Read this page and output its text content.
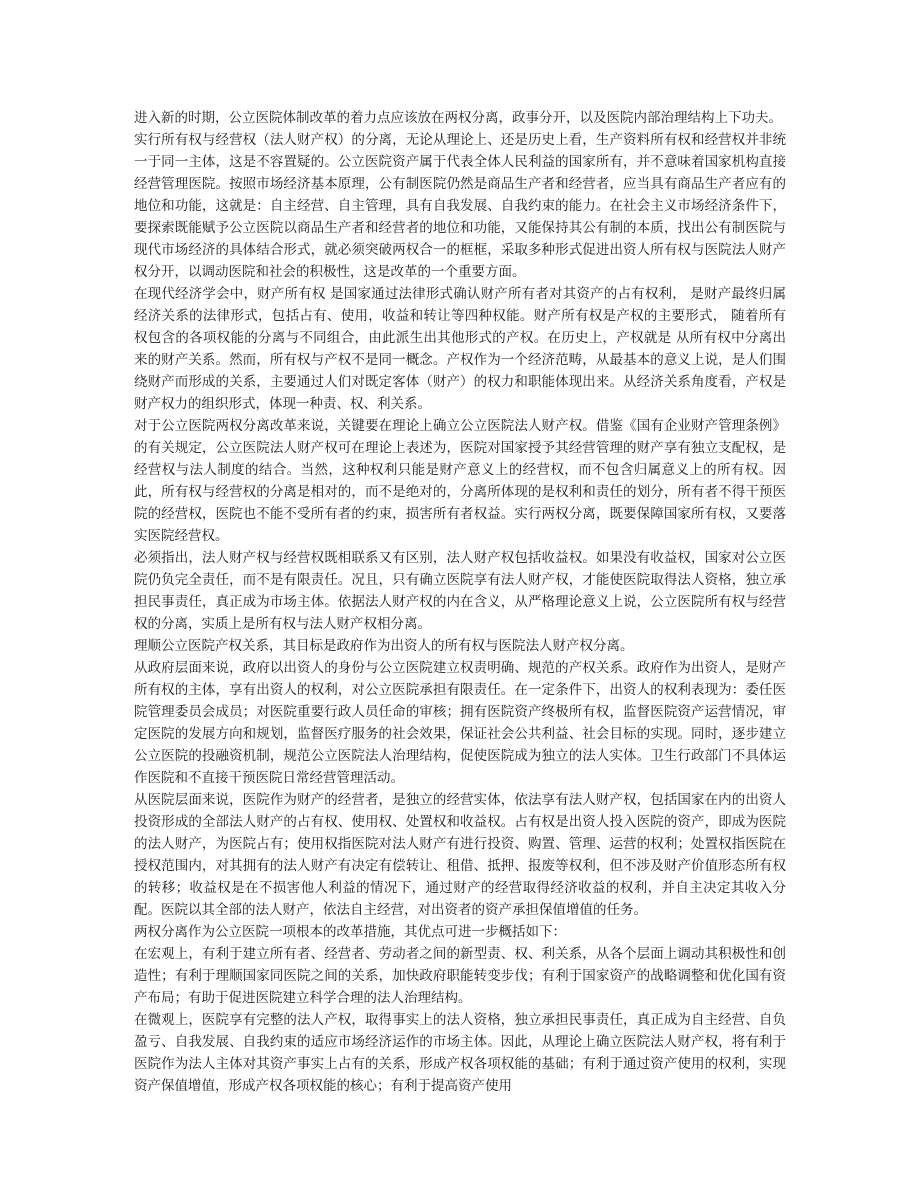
进入新的时期，公立医院体制改革的着力点应该放在两权分离，政事分开，以及医院内部治理结构上下功夫。

实行所有权与经营权（法人财产权）的分离，无论从理论上、还是历史上看，生产资料所有权和经营权并非统一于同一主体，这是不容置疑的。公立医院资产属于代表全体人民利益的国家所有，并不意味着国家机构直接经营管理医院。按照市场经济基本原理，公有制医院仍然是商品生产者和经营者，应当具有商品生产者应有的地位和功能，这就是：自主经营、自主管理，具有自我发展、自我约束的能力。在社会主义市场经济条件下，要探索既能赋予公立医院以商品生产者和经营者的地位和功能，又能保持其公有制的本质，找出公有制医院与现代市场经济的具体结合形式，就必须突破两权合一的框框，采取多种形式促进出资人所有权与医院法人财产权分开，以调动医院和社会的积极性，这是改革的一个重要方面。

在现代经济学会中，财产所有权 是国家通过法律形式确认财产所有者对其资产的占有权利， 是财产最终归属 经济关系的法律形式，包括占有、使用，收益和转让等四种权能。财产所有权是产权的主要形式， 随着所有权包含的各项权能的分离与不同组合，由此派生出其他形式的产权。在历史上，产权就是 从所有权中分离出来的财产关系。然而，所有权与产权不是同一概念。产权作为一个经济范畴，从最基本的意义上说，是人们围绕财产而形成的关系，主要通过人们对既定客体（财产）的权力和职能体现出来。从经济关系角度看，产权是财产权力的组织形式，体现一种责、权、利关系。

对于公立医院两权分离改革来说，关键要在理论上确立公立医院法人财产权。借鉴《国有企业财产管理条例》的有关规定，公立医院法人财产权可在理论上表述为，医院对国家授予其经营管理的财产享有独立支配权，是经营权与法人制度的结合。当然，这种权利只能是财产意义上的经营权，而不包含归属意义上的所有权。因此，所有权与经营权的分离是相对的，而不是绝对的，分离所体现的是权利和责任的划分，所有者不得干预医院的经营权，医院也不能不受所有者的约束，损害所有者权益。实行两权分离，既要保障国家所有权，又要落实医院经营权。

必须指出，法人财产权与经营权既相联系又有区别，法人财产权包括收益权。如果没有收益权，国家对公立医院仍负完全责任，而不是有限责任。况且，只有确立医院享有法人财产权，才能使医院取得法人资格，独立承担民事责任，真正成为市场主体。依据法人财产权的内在含义，从严格理论意义上说，公立医院所有权与经营权的分离，实质上是所有权与法人财产权相分离。

理顺公立医院产权关系，其目标是政府作为出资人的所有权与医院法人财产权分离。

从政府层面来说，政府以出资人的身份与公立医院建立权责明确、规范的产权关系。政府作为出资人，是财产所有权的主体，享有出资人的权利，对公立医院承担有限责任。在一定条件下，出资人的权利表现为：委任医院管理委员会成员；对医院重要行政人员任命的审核；拥有医院资产终极所有权，监督医院资产运营情况，审定医院的发展方向和规划，监督医疗服务的社会效果，保证社会公共利益、社会目标的实现。同时，逐步建立公立医院的投融资机制，规范公立医院法人治理结构，促使医院成为独立的法人实体。卫生行政部门不具体运作医院和不直接干预医院日常经营管理活动。

从医院层面来说，医院作为财产的经营者，是独立的经营实体，依法享有法人财产权，包括国家在内的出资人投资形成的全部法人财产的占有权、使用权、处置权和收益权。占有权是出资人投入医院的资产，即成为医院的法人财产，为医院占有；使用权指医院对法人财产有进行投资、购置、管理、运营的权利；处置权指医院在授权范围内，对其拥有的法人财产有决定有偿转让、租借、抵押、报废等权利，但不涉及财产价值形态所有权的转移；收益权是在不损害他人利益的情况下，通过财产的经营取得经济收益的权利，并自主决定其收入分配。医院以其全部的法人财产，依法自主经营，对出资者的资产承担保值增值的任务。

两权分离作为公立医院一项根本的改革措施，其优点可进一步概括如下：

在宏观上，有利于建立所有者、经营者、劳动者之间的新型责、权、利关系，从各个层面上调动其积极性和创造性；有利于理顺国家同医院之间的关系，加快政府职能转变步伐；有利于国家资产的战略调整和优化国有资产布局；有助于促进医院建立科学合理的法人治理结构。

在微观上，医院享有完整的法人产权，取得事实上的法人资格，独立承担民事责任，真正成为自主经营、自负盈亏、自我发展、自我约束的适应市场经济运作的市场主体。因此，从理论上确立医院法人财产权，将有利于医院作为法人主体对其资产事实上占有的关系，形成产权各项权能的基础；有利于通过资产使用的权利，实现资产保值增值，形成产权各项权能的核心；有利于提高资产使用
